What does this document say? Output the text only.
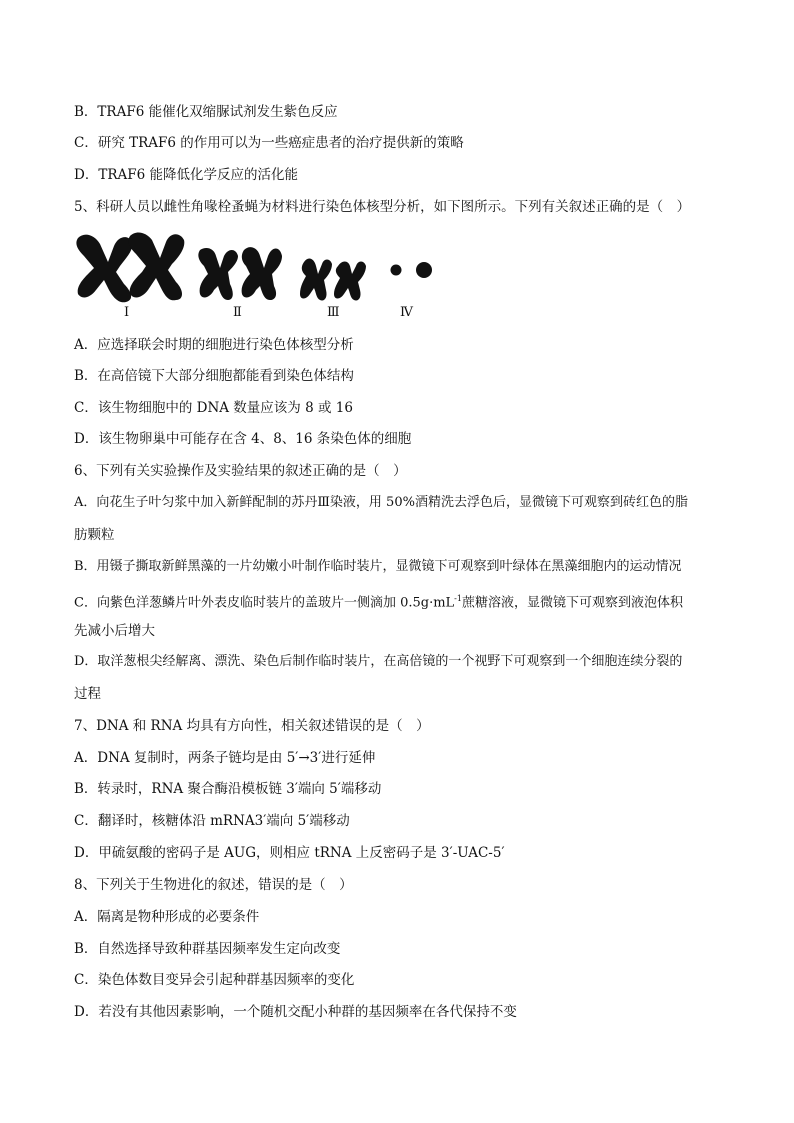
B．TRAF6 能催化双缩脲试剂发生紫色反应
C．研究 TRAF6 的作用可以为一些癌症患者的治疗提供新的策略
D．TRAF6 能降低化学反应的活化能
5、科研人员以雌性角喙栓蚤蝇为材料进行染色体核型分析，如下图所示。下列有关叙述正确的是（　）
Ⅰ	Ⅱ	Ⅲ	Ⅳ
A．应选择联会时期的细胞进行染色体核型分析
B．在高倍镜下大部分细胞都能看到染色体结构
C．该生物细胞中的 DNA 数量应该为 8 或 16
D．该生物卵巢中可能存在含 4、8、16 条染色体的细胞
6、下列有关实验操作及实验结果的叙述正确的是（　）
A．向花生子叶匀浆中加入新鲜配制的苏丹Ⅲ染液，用 50%酒精洗去浮色后，显微镜下可观察到砖红色的脂
肪颗粒
B．用镊子撕取新鲜黑藻的一片幼嫩小叶制作临时装片，显微镜下可观察到叶绿体在黑藻细胞内的运动情况
C．向紫色洋葱鳞片叶外表皮临时装片的盖玻片一侧滴加 $0.5g\cdot mL^{-1}$蔗糖溶液，显微镜下可观察到液泡体积
先减小后增大
D．取洋葱根尖经解离、漂洗、染色后制作临时装片，在高倍镜的一个视野下可观察到一个细胞连续分裂的
过程
7、DNA 和 RNA 均具有方向性，相关叙述错误的是（　）
A．DNA 复制时，两条子链均是由 5′→3′进行延伸
B．转录时，RNA 聚合酶沿模板链 3′端向 5′端移动
C．翻译时，核糖体沿 mRNA3′端向 5′端移动
D．甲硫氨酸的密码子是 AUG，则相应 tRNA 上反密码子是 3′-UAC-5′
8、下列关于生物进化的叙述，错误的是（　）
A．隔离是物种形成的必要条件
B．自然选择导致种群基因频率发生定向改变
C．染色体数目变异会引起种群基因频率的变化
D．若没有其他因素影响，一个随机交配小种群的基因频率在各代保持不变
